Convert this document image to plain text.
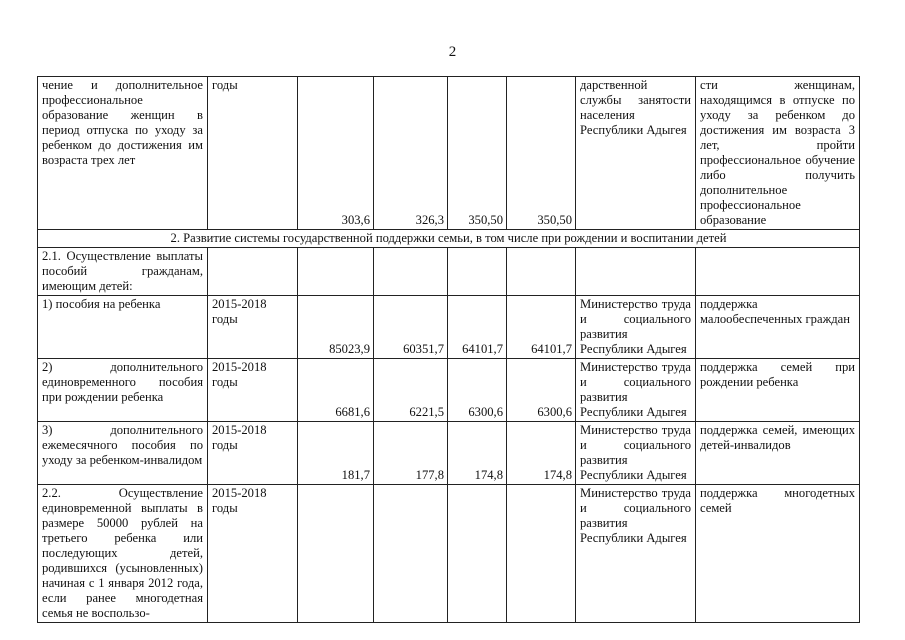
2
чение и дополнительное профессиональное образование женщин в период отпуска по уходу за ребенком до достижения им возраста трех лет	годы	303,6	326,3	350,50	350,50	дарственной службы занятости населения Республики Адыгея	сти женщинам, находящимся в отпуске по уходу за ребенком до достижения им возраста 3 лет, пройти профессиональное обучение либо получить дополнительное профессиональное образование
2. Развитие системы государственной поддержки семьи, в том числе при рождении и воспитании детей							
2.1. Осуществление выплаты пособий гражданам, имеющим детей:							
1) пособия на ребенка	2015-2018 годы	85023,9	60351,7	64101,7	64101,7	Министерство труда и социального развития Республики Адыгея	поддержка малообеспеченных граждан
2) дополнительного единовременного пособия при рождении ребенка	2015-2018 годы	6681,6	6221,5	6300,6	6300,6	Министерство труда и социального развития Республики Адыгея	поддержка семей при рождении ребенка
3) дополнительного ежемесячного пособия по уходу за ребенком-инвалидом	2015-2018 годы	181,7	177,8	174,8	174,8	Министерство труда и социального развития Республики Адыгея	поддержка семей, имеющих детей-инвалидов
2.2. Осуществление единовременной выплаты в размере 50000 рублей на третьего ребенка или последующих детей, родившихся (усыновленных) начиная с 1 января 2012 года, если ранее многодетная семья не воспользо-	2015-2018 годы					Министерство труда и социального развития Республики Адыгея	поддержка многодетных семей
